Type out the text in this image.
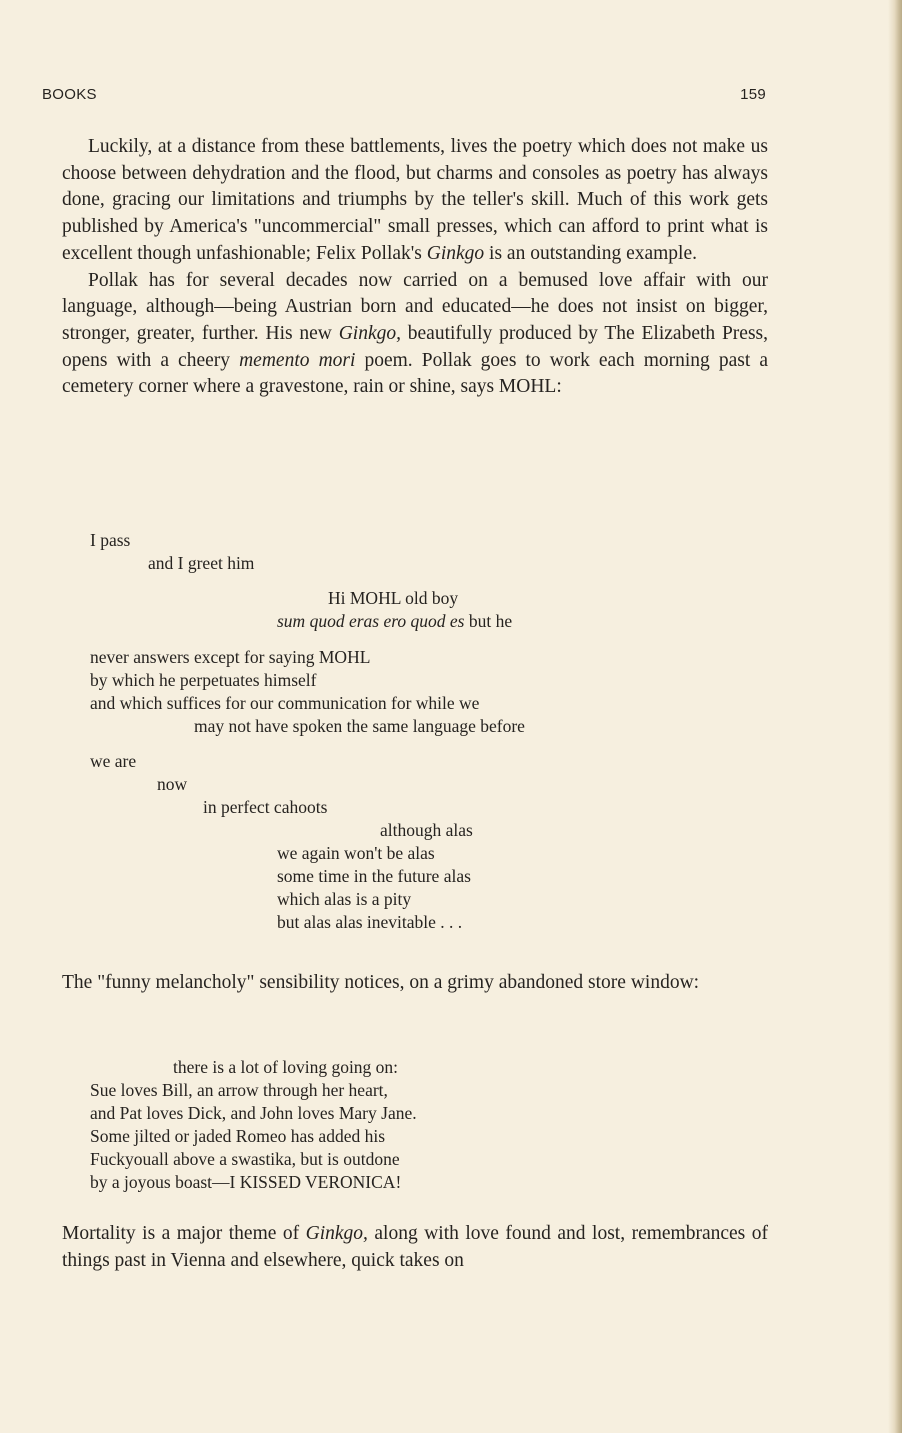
BOOKS	159

Luckily, at a distance from these battlements, lives the poetry which does not make us choose between dehydration and the flood, but charms and consoles as poetry has always done, gracing our limitations and triumphs by the teller's skill. Much of this work gets published by America's "uncommercial" small presses, which can afford to print what is excellent though unfashionable; Felix Pollak's Ginkgo is an outstanding example.

Pollak has for several decades now carried on a bemused love affair with our language, although—being Austrian born and educated—he does not insist on bigger, stronger, greater, further. His new Ginkgo, beautifully produced by The Elizabeth Press, opens with a cheery memento mori poem. Pollak goes to work each morning past a cemetery corner where a gravestone, rain or shine, says MOHL:

I pass
and I greet him
Hi MOHL old boy
sum quod eras ero quod es but he
never answers except for saying MOHL
by which he perpetuates himself
and which suffices for our communication for while we
may not have spoken the same language before
we are
now
in perfect cahoots
although alas
we again won't be alas
some time in the future alas
which alas is a pity
but alas alas inevitable . . .

The "funny melancholy" sensibility notices, on a grimy abandoned store window:

there is a lot of loving going on:
Sue loves Bill, an arrow through her heart,
and Pat loves Dick, and John loves Mary Jane.
Some jilted or jaded Romeo has added his
Fuckyouall above a swastika, but is outdone
by a joyous boast—I KISSED VERONICA!

Mortality is a major theme of Ginkgo, along with love found and lost, remembrances of things past in Vienna and elsewhere, quick takes on
